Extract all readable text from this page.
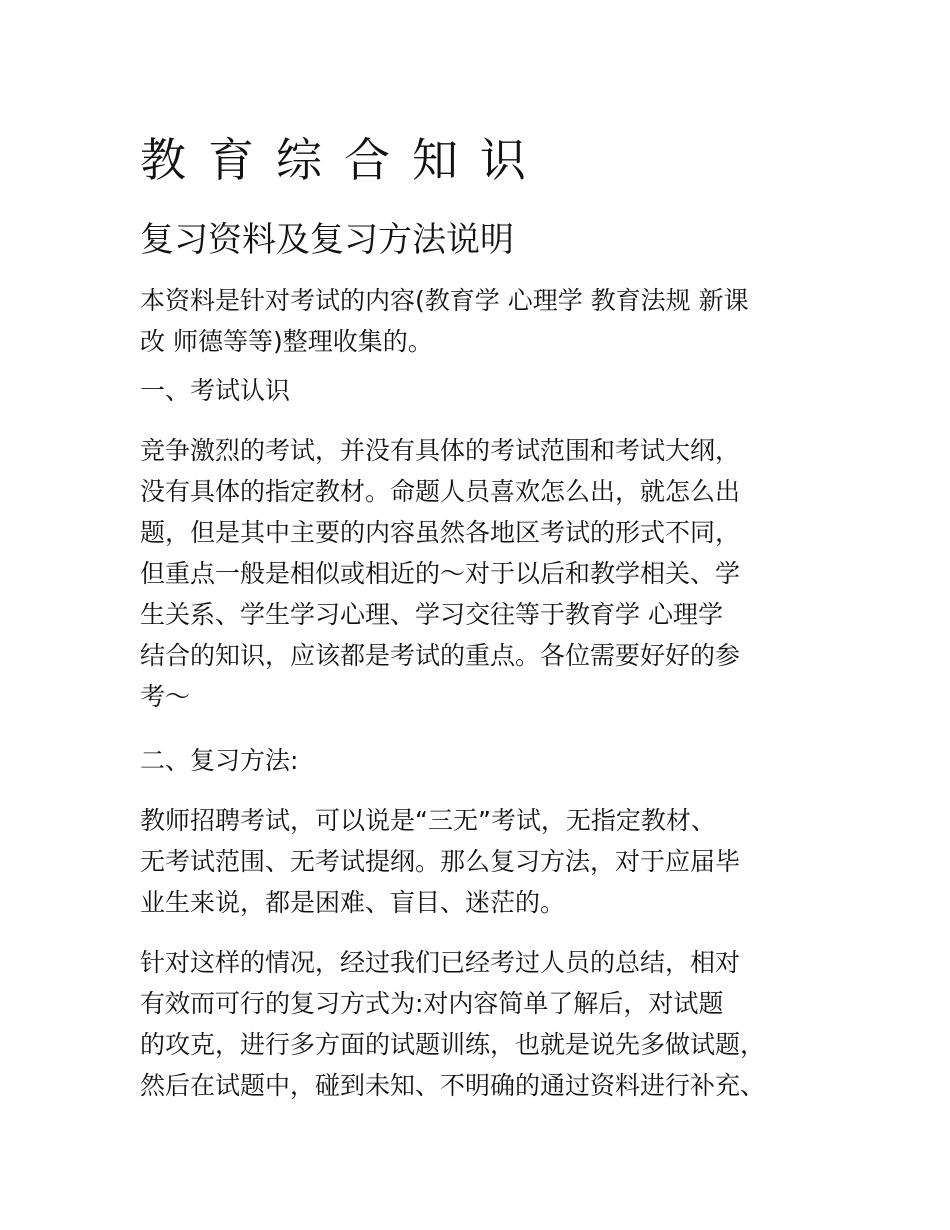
教育综合知识
复习资料及复习方法说明

本资料是针对考试的内容(教育学 心理学 教育法规 新课
改 师德等等)整理收集的。

一、考试认识

竞争激烈的考试，并没有具体的考试范围和考试大纲，
没有具体的指定教材。命题人员喜欢怎么出，就怎么出
题，但是其中主要的内容虽然各地区考试的形式不同，
但重点一般是相似或相近的～对于以后和教学相关、学
生关系、学生学习心理、学习交往等于教育学 心理学
结合的知识，应该都是考试的重点。各位需要好好的参
考～

二、复习方法:

教师招聘考试，可以说是“三无”考试，无指定教材、
无考试范围、无考试提纲。那么复习方法，对于应届毕
业生来说，都是困难、盲目、迷茫的。

针对这样的情况，经过我们已经考过人员的总结，相对
有效而可行的复习方式为:对内容简单了解后，对试题
的攻克，进行多方面的试题训练，也就是说先多做试题，
然后在试题中，碰到未知、不明确的通过资料进行补充、
